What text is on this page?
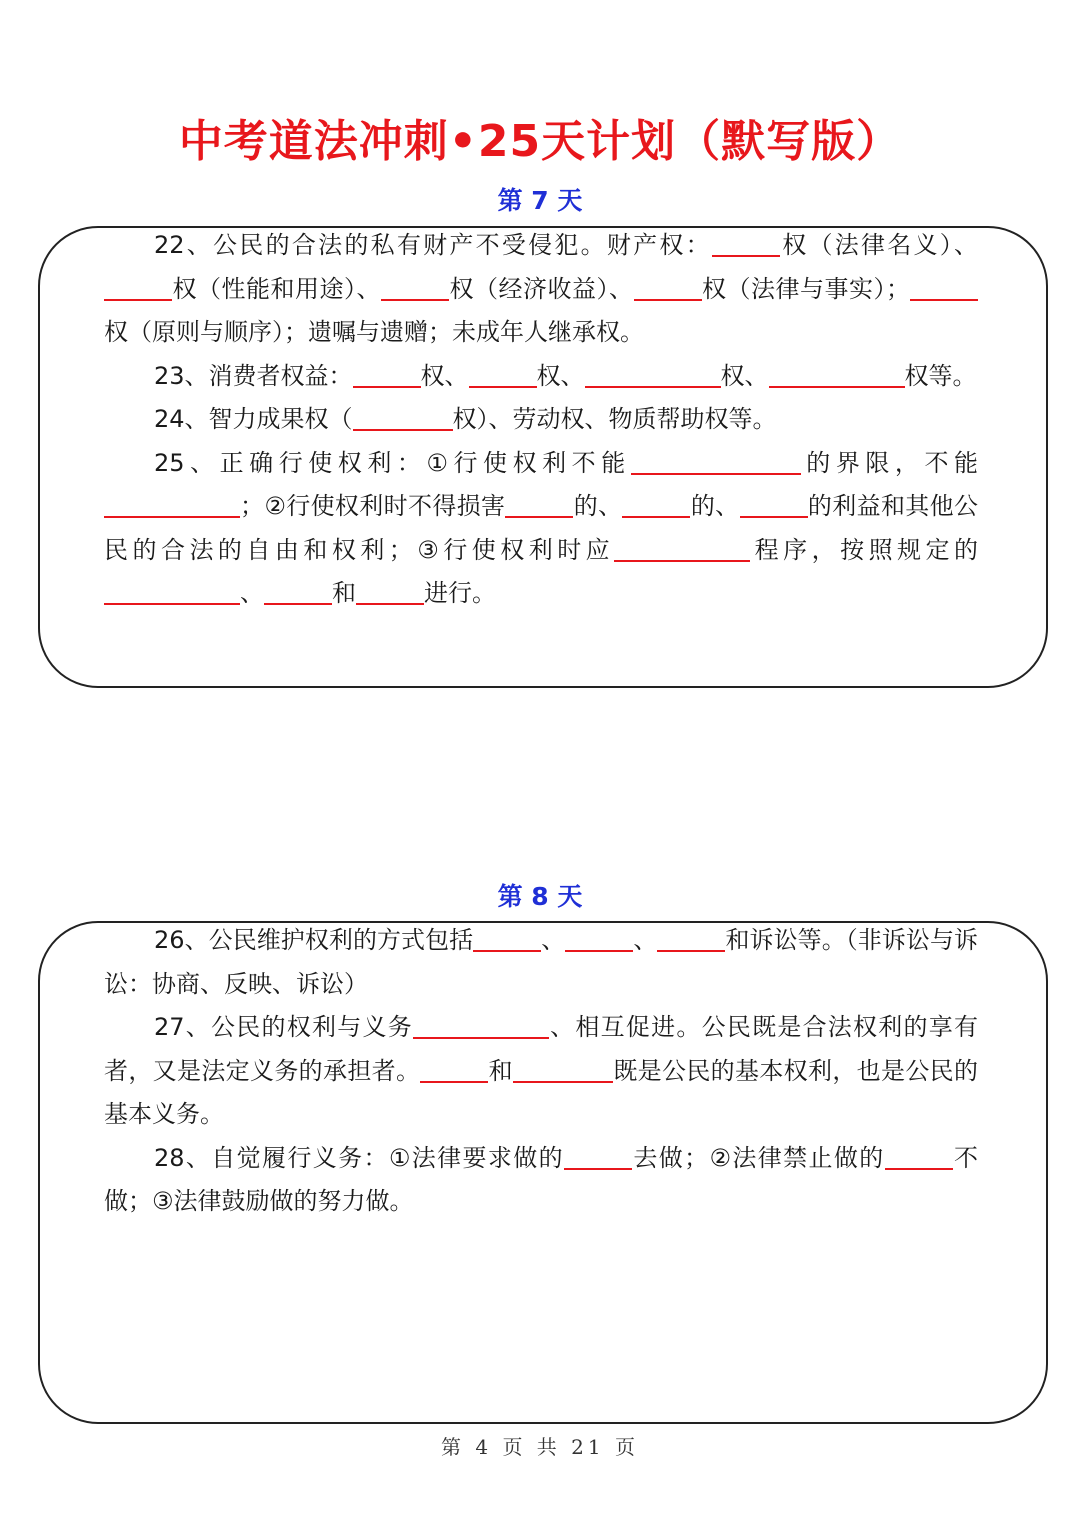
中考道法冲刺•25天计划（默写版）
第 7 天

22、公民的合法的私有财产不受侵犯。财产权：	权（法律名义）、权（性能和用途）、	权（经济收益）、	权（法律与事实）；权（原则与顺序）；遗嘱与遗赠；未成年人继承权。

23、消费者权益：	权、	权、	权、	权等。

24、智力成果权（	权）、劳动权、物质帮助权等。

25、正确行使权利：①行使权利不能	的界限，不能；②行使权利时不得损害	的、	的、	的利益和其他公民的合法的自由和权利；③行使权利时应	程序，按照规定的、	和	进行。

第 8 天

26、公民维护权利的方式包括	、	、	和诉讼等。（非诉讼与诉讼：协商、反映、诉讼）

27、公民的权利与义务	、相互促进。公民既是合法权利的享有者，又是法定义务的承担者。	和	既是公民的基本权利，也是公民的基本义务。

28、自觉履行义务：①法律要求做的	去做；②法律禁止做的	不做；③法律鼓励做的努力做。

第 4 页 共 21 页
